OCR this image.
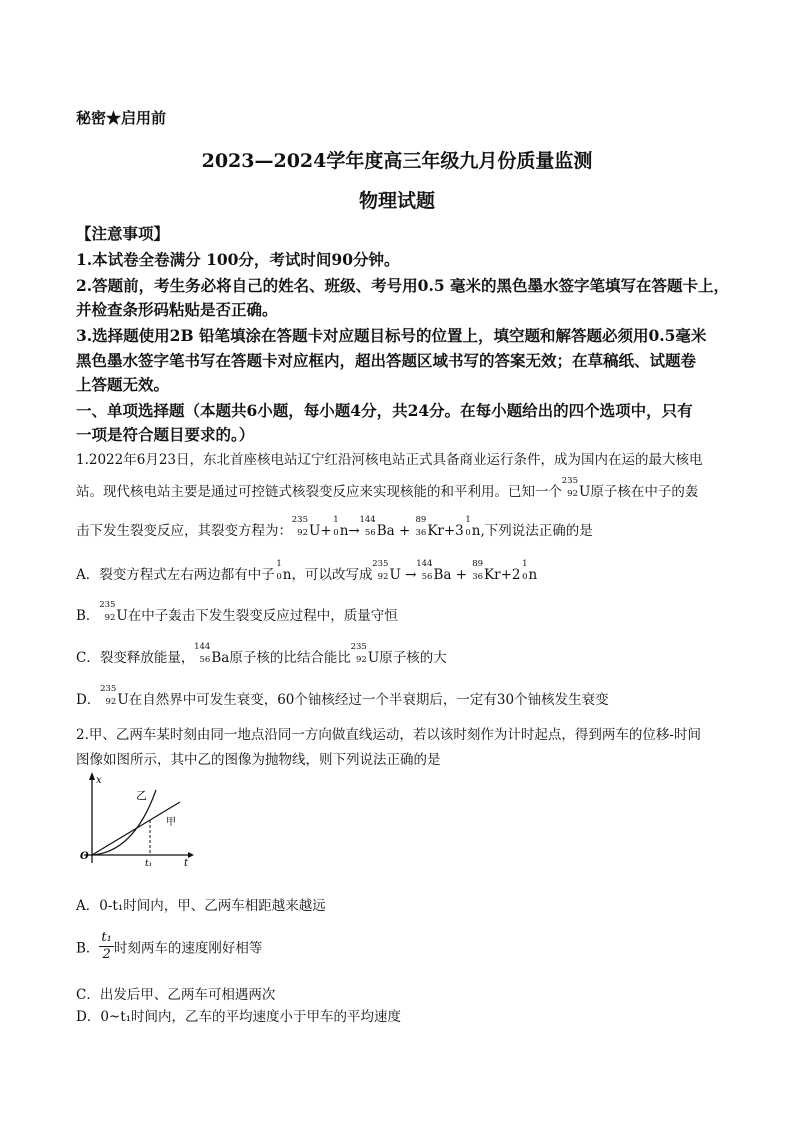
秘密★启用前
2023—2024学年度高三年级九月份质量监测
物理试题
【注意事项】
1.本试卷全卷满分 100分，考试时间90分钟。
2.答题前，考生务必将自己的姓名、班级、考号用0.5 毫米的黑色墨水签字笔填写在答题卡上，
并检查条形码粘贴是否正确。
3.选择题使用2B 铅笔填涂在答题卡对应题目标号的位置上，填空题和解答题必须用0.5毫米
黑色墨水签字笔书写在答题卡对应框内，超出答题区域书写的答案无效；在草稿纸、试题卷
上答题无效。
一、单项选择题（本题共6小题，每小题4分，共24分。在每小题给出的四个选项中，只有
一项是符合题目要求的。）
1.2022年6月23日，东北首座核电站辽宁红沿河核电站正式具备商业运行条件，成为国内在运的最大核电
站。现代核电站主要是通过可控链式核裂变反应来实现核能的和平利用。已知一个
235
92 U原子核在中子的轰
击下发生裂变反应，其裂变方程为：
235
92 U+
1
0 n→
144
56 Ba +
89
36 Kr+3
1
0 n,下列说法正确的是
A．裂变方程式左右两边都有中子
1
0 n，可以改写成
235
92 U →
144
56 Ba +
89
36 Kr+2
1
0 n
B．
235
92 U在中子轰击下发生裂变反应过程中，质量守恒
C．裂变释放能量，
144
56 Ba原子核的比结合能比
235
92 U原子核的大
D．
235
92 U在自然界中可发生衰变，60个铀核经过一个半衰期后，一定有30个铀核发生衰变
2.甲、乙两车某时刻由同一地点沿同一方向做直线运动，若以该时刻作为计时起点，得到两车的位移-时间
图像如图所示，其中乙的图像为抛物线，则下列说法正确的是
x
t
O
t₁
乙
甲
A．0-t₁时间内，甲、乙两车相距越来越远
B． $\frac{\text{t₁}}{2}$ 时刻两车的速度刚好相等
C．出发后甲、乙两车可相遇两次
D．0~t₁时间内，乙车的平均速度小于甲车的平均速度
